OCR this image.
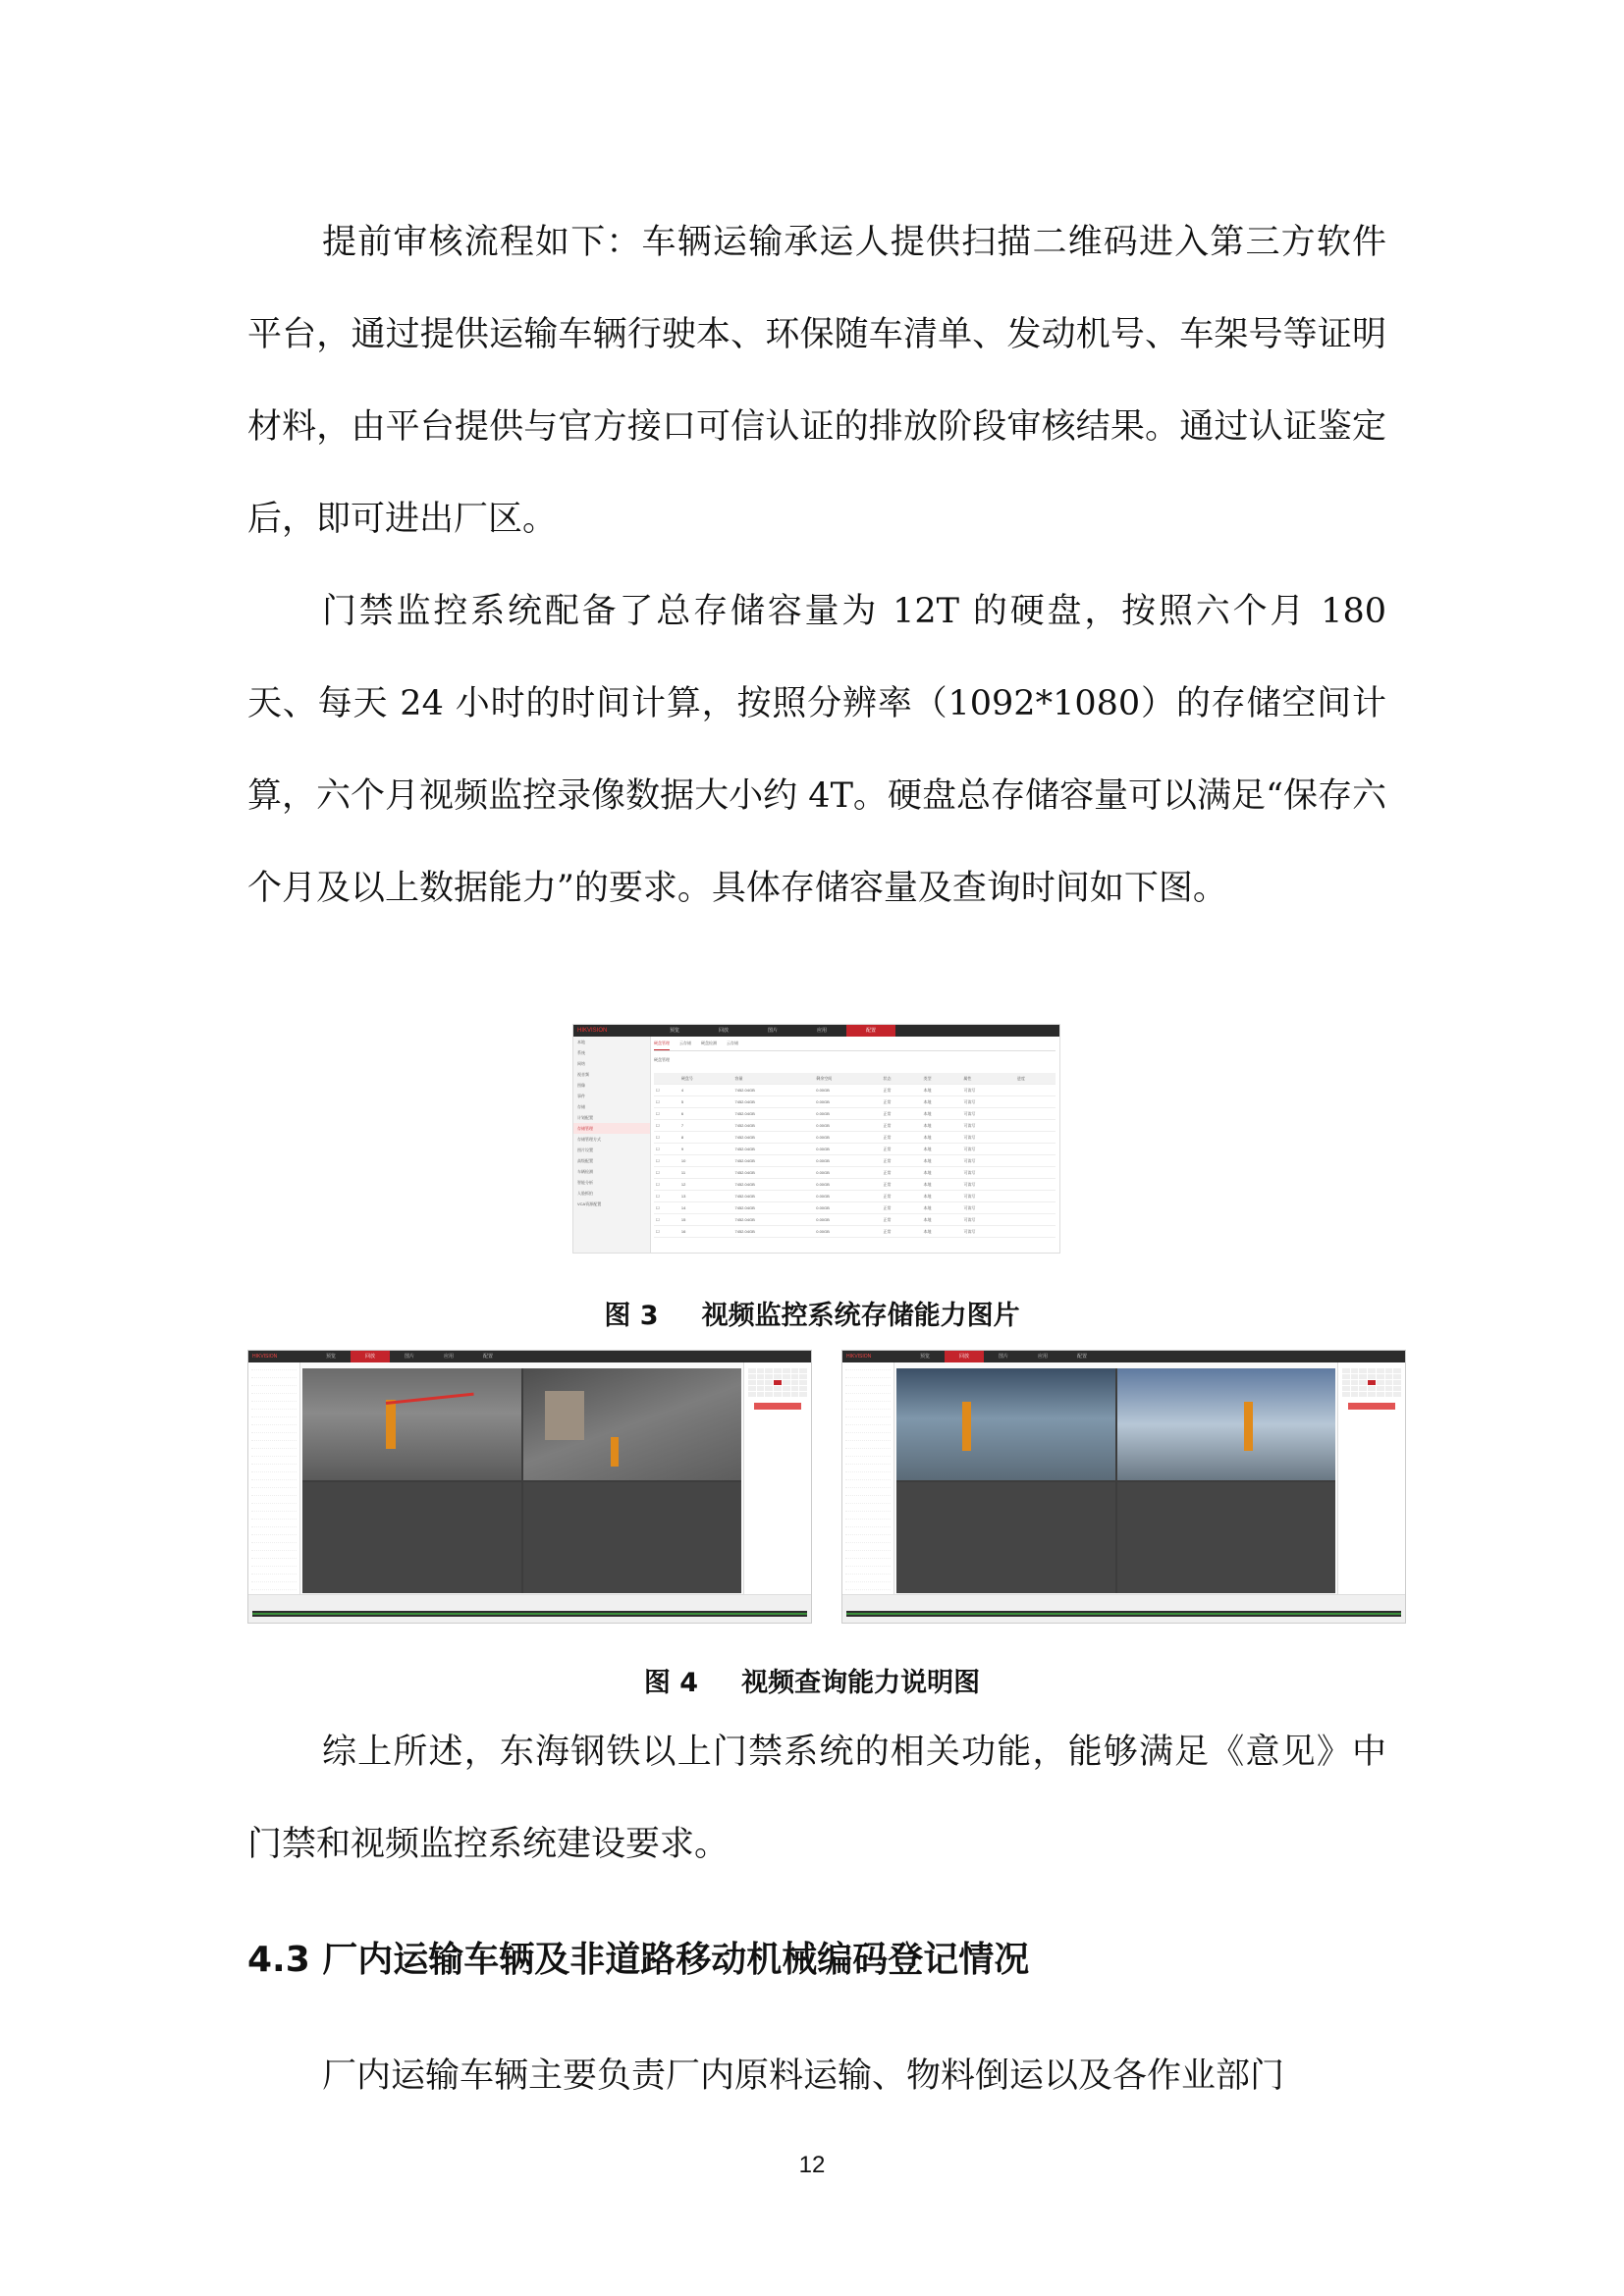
提前审核流程如下：车辆运输承运人提供扫描二维码进入第三方软件平台，通过提供运输车辆行驶本、环保随车清单、发动机号、车架号等证明材料，由平台提供与官方接口可信认证的排放阶段审核结果。通过认证鉴定后，即可进出厂区。

门禁监控系统配备了总存储容量为 12T 的硬盘，按照六个月 180 天、每天 24 小时的时间计算，按照分辨率（1092*1080）的存储空间计算，六个月视频监控录像数据大小约 4T。硬盘总存储容量可以满足“保存六个月及以上数据能力”的要求。具体存储容量及查询时间如下图。

HIKVISION	预览	回放	图片	应用	配置
本地
系统
网络
视音频
图像
事件
存储
计划配置
存储管理
存储管理方式
图片设置
高级配置
车辆检测
智能分析
人脸抓拍
VCA资源配置
硬盘管理	云存储	硬盘检测	云存储
硬盘管理
	硬盘号	容量	剩余空间	状态	类型	属性	进度
☐	4	7452.04GB	0.00GB	正常	本地	可读写	
☐	5	7452.04GB	0.00GB	正常	本地	可读写	
☐	6	7452.04GB	0.00GB	正常	本地	可读写	
☐	7	7452.04GB	0.00GB	正常	本地	可读写	
☐	8	7452.04GB	0.00GB	正常	本地	可读写	
☐	9	7452.04GB	0.00GB	正常	本地	可读写	
☐	10	7452.04GB	0.00GB	正常	本地	可读写	
☐	11	7452.04GB	0.00GB	正常	本地	可读写	
☐	12	7452.04GB	0.00GB	正常	本地	可读写	
☐	13	7452.04GB	0.00GB	正常	本地	可读写	
☐	14	7452.04GB	0.00GB	正常	本地	可读写	
☐	15	7452.04GB	0.00GB	正常	本地	可读写	
☐	16	7452.04GB	0.00GB	正常	本地	可读写	
图 3 视频监控系统存储能力图片
HIKVISION	预览	回放	图片	应用	配置	HIKVISION	预览	回放	图片	应用	配置
图 4 视频查询能力说明图

综上所述，东海钢铁以上门禁系统的相关功能，能够满足《意见》中门禁和视频监控系统建设要求。

4.3 厂内运输车辆及非道路移动机械编码登记情况

厂内运输车辆主要负责厂内原料运输、物料倒运以及各作业部门

12
